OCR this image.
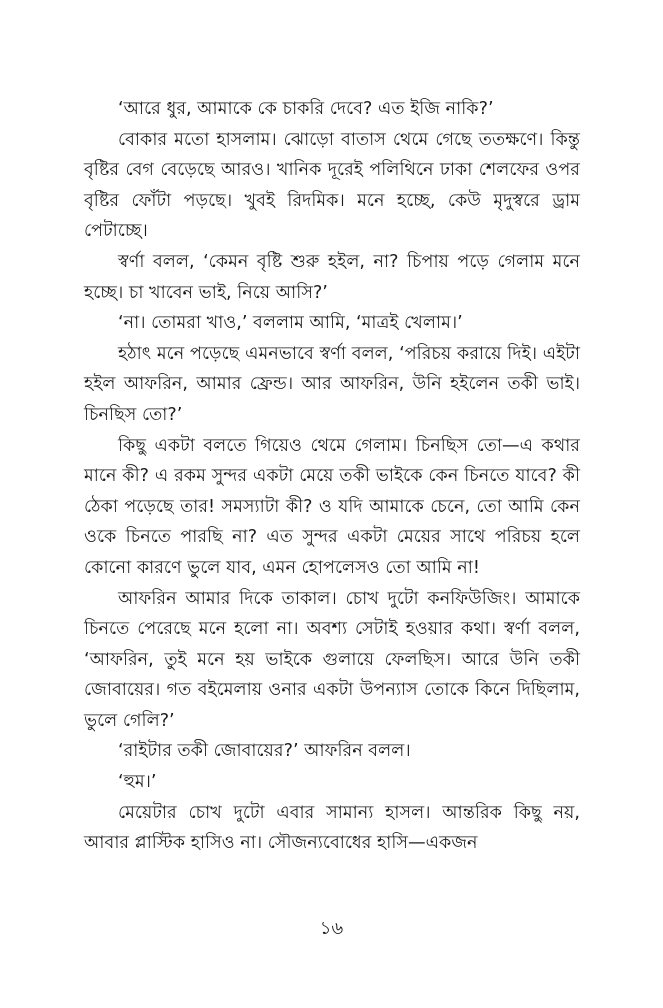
‘আরে ধুর, আমাকে কে চাকরি দেবে? এত ইজি নাকি?’

বোকার মতো হাসলাম। ঝোড়ো বাতাস থেমে গেছে ততক্ষণে। কিন্তু বৃষ্টির বেগ বেড়েছে আরও। খানিক দূরেই পলিথিনে ঢাকা শেলফের ওপর বৃষ্টির ফোঁটা পড়ছে। খুবই রিদমিক। মনে হচ্ছে, কেউ মৃদুস্বরে ড্রাম পেটাচ্ছে।

স্বর্ণা বলল, ‘কেমন বৃষ্টি শুরু হইল, না? চিপায় পড়ে গেলাম মনে হচ্ছে। চা খাবেন ভাই, নিয়ে আসি?’

‘না। তোমরা খাও,’ বললাম আমি, ‘মাত্রই খেলাম।’

হঠাৎ মনে পড়েছে এমনভাবে স্বর্ণা বলল, ‘পরিচয় করায়ে দিই। এইটা হইল আফরিন, আমার ফ্রেন্ড। আর আফরিন, উনি হইলেন তকী ভাই। চিনছিস তো?’

কিছু একটা বলতে গিয়েও থেমে গেলাম। চিনছিস তো—এ কথার মানে কী? এ রকম সুন্দর একটা মেয়ে তকী ভাইকে কেন চিনতে যাবে? কী ঠেকা পড়েছে তার! সমস্যাটা কী? ও যদি আমাকে চেনে, তো আমি কেন ওকে চিনতে পারছি না? এত সুন্দর একটা মেয়ের সাথে পরিচয় হলে কোনো কারণে ভুলে যাব, এমন হোপলেসও তো আমি না!

আফরিন আমার দিকে তাকাল। চোখ দুটো কনফিউজিং। আমাকে চিনতে পেরেছে মনে হলো না। অবশ্য সেটাই হওয়ার কথা। স্বর্ণা বলল, ‘আফরিন, তুই মনে হয় ভাইকে গুলায়ে ফেলছিস। আরে উনি তকী জোবায়ের। গত বইমেলায় ওনার একটা উপন্যাস তোকে কিনে দিছিলাম, ভুলে গেলি?’

‘রাইটার তকী জোবায়ের?’ আফরিন বলল।

‘হুম।’

মেয়েটার চোখ দুটো এবার সামান্য হাসল। আন্তরিক কিছু নয়, আবার প্লাস্টিক হাসিও না। সৌজন্যবোধের হাসি—একজন

১৬
